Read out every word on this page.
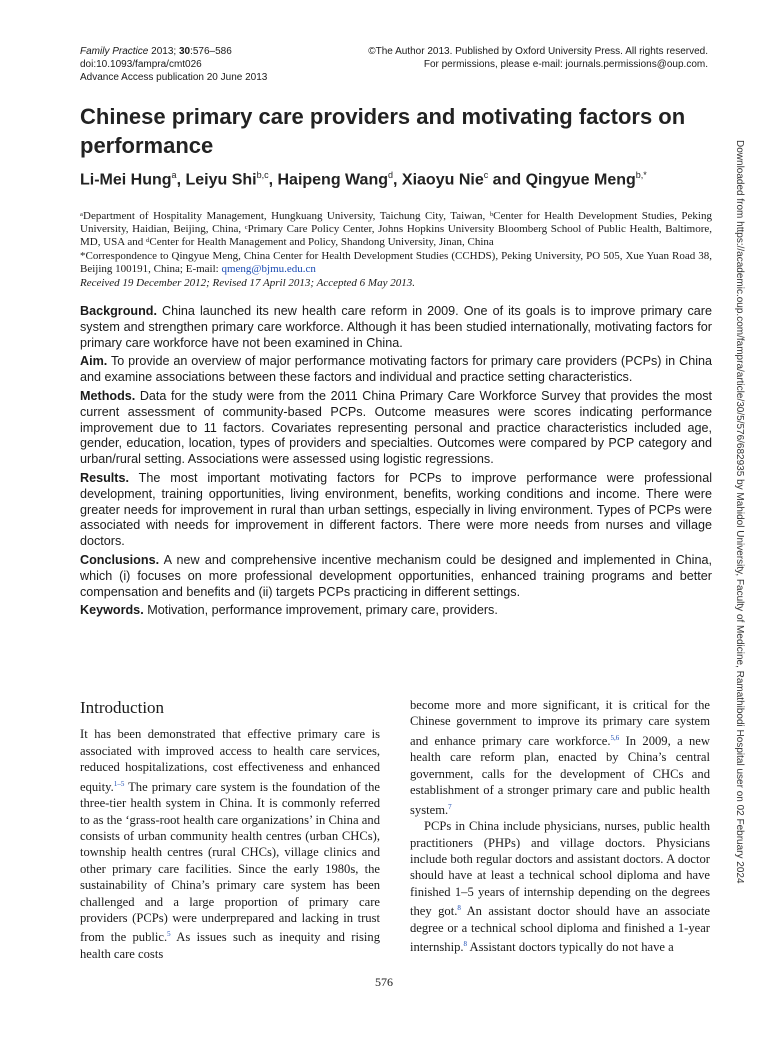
Family Practice 2013; 30:576–586
doi:10.1093/fampra/cmt026
Advance Access publication 20 June 2013
©The Author 2013. Published by Oxford University Press. All rights reserved.
For permissions, please e-mail: journals.permissions@oup.com.
Chinese primary care providers and motivating factors on performance
Li-Mei Hung$^a$, Leiyu Shi$^{b,c}$, Haipeng Wang$^d$, Xiaoyu Nie$^c$ and Qingyue Meng$^{b,*}$
ᵃDepartment of Hospitality Management, Hungkuang University, Taichung City, Taiwan, ᵇCenter for Health Development Studies, Peking University, Haidian, Beijing, China, ᶜPrimary Care Policy Center, Johns Hopkins University Bloomberg School of Public Health, Baltimore, MD, USA and ᵈCenter for Health Management and Policy, Shandong University, Jinan, China
*Correspondence to Qingyue Meng, China Center for Health Development Studies (CCHDS), Peking University, PO 505, Xue Yuan Road 38, Beijing 100191, China; E-mail: qmeng@bjmu.edu.cn
Received 19 December 2012; Revised 17 April 2013; Accepted 6 May 2013.

Background. China launched its new health care reform in 2009. One of its goals is to improve primary care system and strengthen primary care workforce. Although it has been studied internationally, motivating factors for primary care workforce have not been examined in China.

Aim. To provide an overview of major performance motivating factors for primary care providers (PCPs) in China and examine associations between these factors and individual and practice setting characteristics.

Methods. Data for the study were from the 2011 China Primary Care Workforce Survey that provides the most current assessment of community-based PCPs. Outcome measures were scores indicating performance improvement due to 11 factors. Covariates representing personal and practice characteristics included age, gender, education, location, types of providers and specialties. Outcomes were compared by PCP category and urban/rural setting. Associations were assessed using logistic regressions.

Results. The most important motivating factors for PCPs to improve performance were professional development, training opportunities, living environment, benefits, working conditions and income. There were greater needs for improvement in rural than urban settings, especially in living environment. Types of PCPs were associated with needs for improvement in different factors. There were more needs from nurses and village doctors.

Conclusions. A new and comprehensive incentive mechanism could be designed and implemented in China, which (i) focuses on more professional development opportunities, enhanced training programs and better compensation and benefits and (ii) targets PCPs practicing in different settings.

Keywords. Motivation, performance improvement, primary care, providers.

Introduction

It has been demonstrated that effective primary care is associated with improved access to health care services, reduced hospitalizations, cost effectiveness and enhanced equity.$^{1-5}$ The primary care system is the foundation of the three-tier health system in China. It is commonly referred to as the ‘grass-root health care organizations’ in China and consists of urban community health centres (urban CHCs), township health centres (rural CHCs), village clinics and other primary care facilities. Since the early 1980s, the sustainability of China’s primary care system has been challenged and a large proportion of primary care providers (PCPs) were underprepared and lacking in trust from the public.$^5$ As issues such as inequity and rising health care costs

become more and more significant, it is critical for the Chinese government to improve its primary care system and enhance primary care workforce.$^{5,6}$ In 2009, a new health care reform plan, enacted by China’s central government, calls for the development of CHCs and establishment of a stronger primary care and public health system.$^7$

PCPs in China include physicians, nurses, public health practitioners (PHPs) and village doctors. Physicians include both regular doctors and assistant doctors. A doctor should have at least a technical school diploma and have finished 1–5 years of internship depending on the degrees they got.$^8$ An assistant doctor should have an associate degree or a technical school diploma and finished a 1-year internship.$^8$ Assistant doctors typically do not have a

Downloaded from https://academic.oup.com/fampra/article/30/5/576/682935 by Mahidol University, Faculty of Medicine, Ramathibodi Hospital user on 02 February 2024
576
